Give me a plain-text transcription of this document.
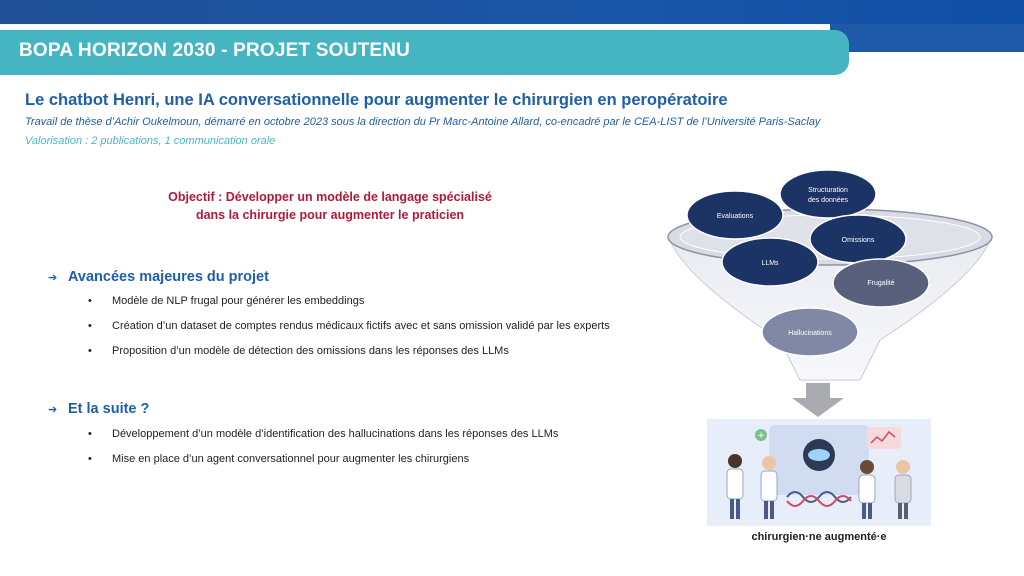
BOPA HORIZON 2030 - PROJET SOUTENU
Le chatbot Henri, une IA conversationnelle pour augmenter le chirurgien en peropératoire
Travail de thèse d’Achir Oukelmoun, démarré en octobre 2023 sous la direction du Pr Marc-Antoine Allard, co-encadré par le CEA-LIST de l’Université Paris-Saclay
Valorisation : 2 publications, 1 communication orale
Objectif : Développer un modèle de langage spécialisé
dans la chirurgie pour augmenter le praticien
➔ Avancées majeures du projet
• Modèle de NLP frugal pour générer les embeddings
• Création d’un dataset de comptes rendus médicaux fictifs avec et sans omission validé par les experts
• Proposition d’un modèle de détection des omissions dans les réponses des LLMs
➔ Et la suite ?
• Développement d’un modèle d’identification des hallucinations dans les réponses des LLMs
• Mise en place d’un agent conversationnel pour augmenter les chirurgiens
Evaluations
Structuration
des données
Omissions
Frugalité
LLMs
Hallucinations
+
chirurgien·ne augmenté·e
